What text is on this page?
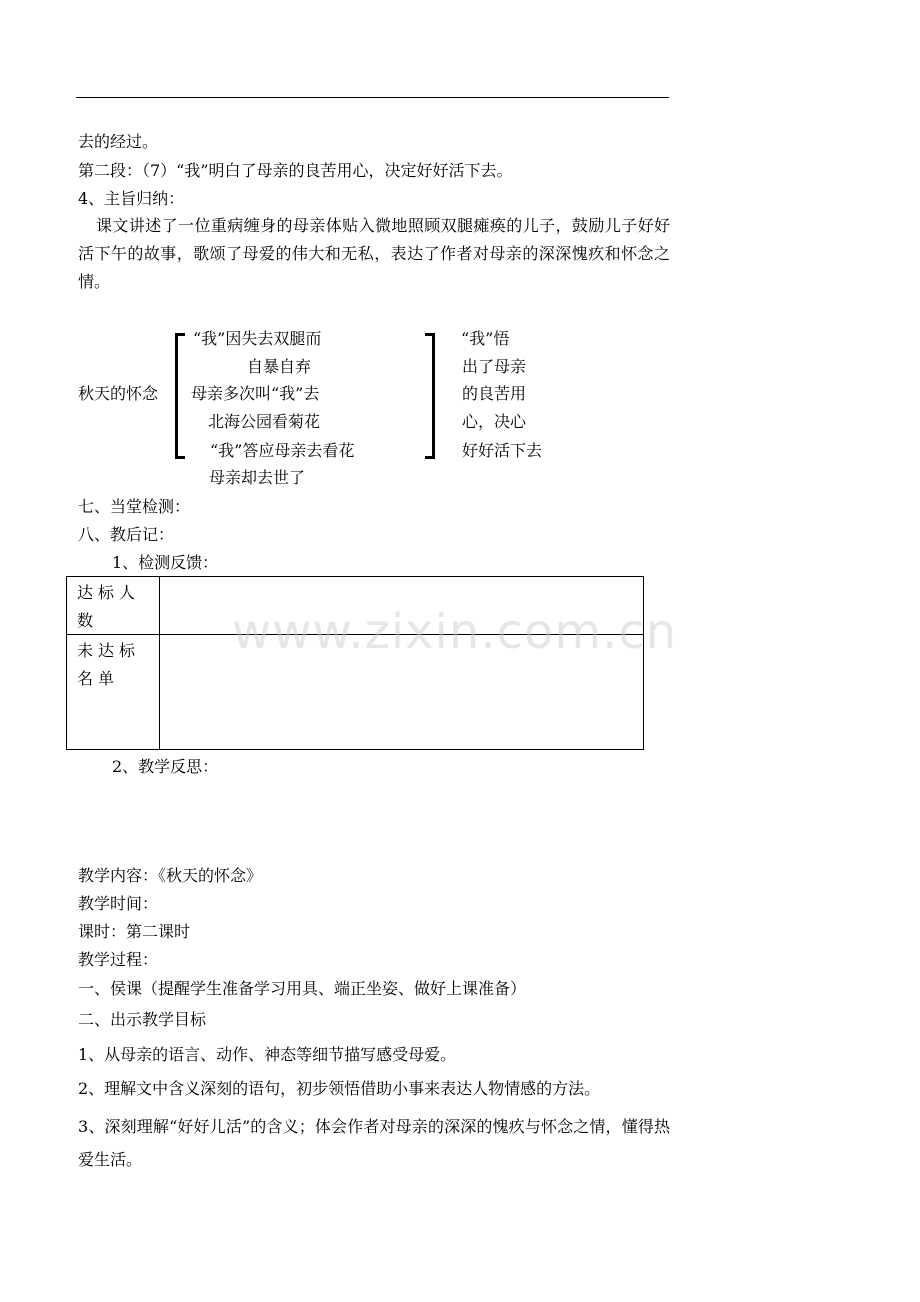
去的经过。
第二段：（7）“我”明白了母亲的良苦用心，决定好好活下去。
4、主旨归纳：
课文讲述了一位重病缠身的母亲体贴入微地照顾双腿瘫痪的儿子，鼓励儿子好好活下午的故事，歌颂了母爱的伟大和无私，表达了作者对母亲的深深愧疚和怀念之情。
秋天的怀念
“我”因失去双腿而
自暴自弃
母亲多次叫“我”去
北海公园看菊花
“我”答应母亲去看花
母亲却去世了
“我”悟
出了母亲
的良苦用
心，决心
好好活下去
七、当堂检测：
八、教后记：
1、检测反馈：
达标人数
未达标名单
2、教学反思：
教学内容：《秋天的怀念》
教学时间：
课时：第二课时
教学过程：
一、侯课（提醒学生准备学习用具、端正坐姿、做好上课准备）
二、出示教学目标
1、从母亲的语言、动作、神态等细节描写感受母爱。
2、理解文中含义深刻的语句，初步领悟借助小事来表达人物情感的方法。
3、深刻理解“好好儿活”的含义；体会作者对母亲的深深的愧疚与怀念之情，懂得热爱生活。
www.zixin.com.cn
